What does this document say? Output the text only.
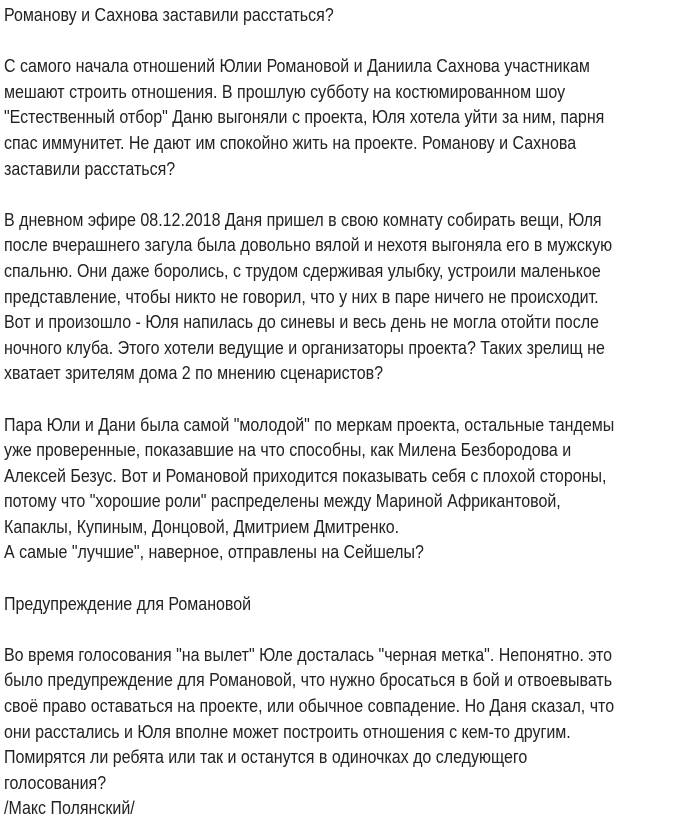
Романову и Сахнова заставили расстаться?
С самого начала отношений Юлии Романовой и Даниила Сахнова участникам
мешают строить отношения. В прошлую субботу на костюмированном шоу
"Естественный отбор" Даню выгоняли с проекта, Юля хотела уйти за ним, парня
спас иммунитет. Не дают им спокойно жить на проекте. Романову и Сахнова
заставили расстаться?
В дневном эфире 08.12.2018 Даня пришел в свою комнату собирать вещи, Юля
после вчерашнего загула была довольно вялой и нехотя выгоняла его в мужскую
спальню. Они даже боролись, с трудом сдерживая улыбку, устроили маленькое
представление, чтобы никто не говорил, что у них в паре ничего не происходит.
Вот и произошло - Юля напилась до синевы и весь день не могла отойти после
ночного клуба. Этого хотели ведущие и организаторы проекта? Таких зрелищ не
хватает зрителям дома 2 по мнению сценаристов?
Пара Юли и Дани была самой "молодой" по меркам проекта, остальные тандемы
уже проверенные, показавшие на что способны, как Милена Безбородова и
Алексей Безус. Вот и Романовой приходится показывать себя с плохой стороны,
потому что "хорошие роли" распределены между Мариной Африкантовой,
Капаклы, Купиным, Донцовой, Дмитрием Дмитренко.
А самые "лучшие", наверное, отправлены на Сейшелы?
Предупреждение для Романовой
Во время голосования "на вылет" Юле досталась "черная метка". Непонятно. это
было предупреждение для Романовой, что нужно бросаться в бой и отвоевывать
своё право оставаться на проекте, или обычное совпадение. Но Даня сказал, что
они расстались и Юля вполне может построить отношения с кем-то другим.
Помирятся ли ребята или так и останутся в одиночках до следующего
голосования?
/Макс Полянский/
